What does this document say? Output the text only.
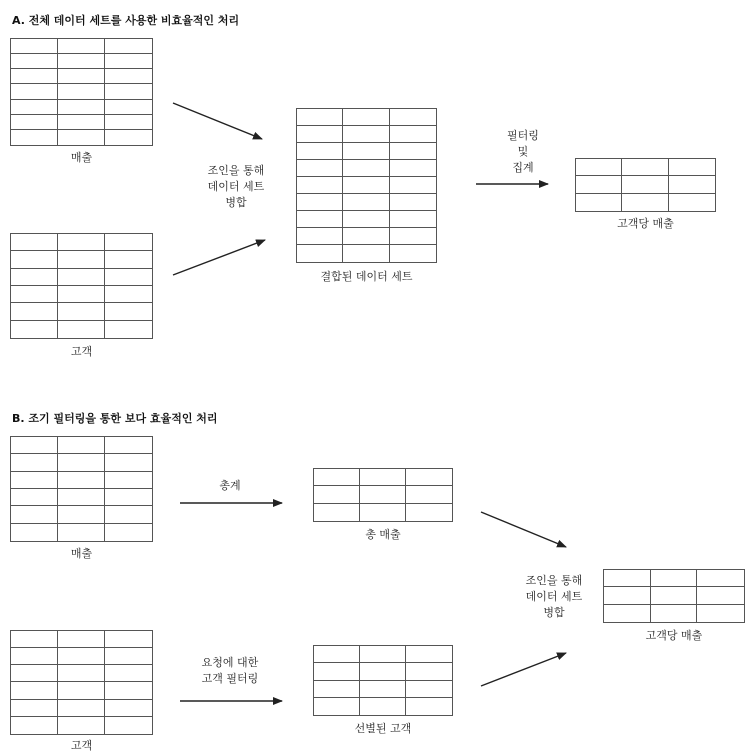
A. 전체 데이터 세트를 사용한 비효율적인 처리
매출
고객
조인을 통해
데이터 세트
병합
결합된 데이터 세트
필터링
및
집계
고객당 매출
B. 조기 필터링을 통한 보다 효율적인 처리
매출
고객
총계
요청에 대한
고객 필터링
총 매출
선별된 고객
조인을 통해
데이터 세트
병합
고객당 매출
